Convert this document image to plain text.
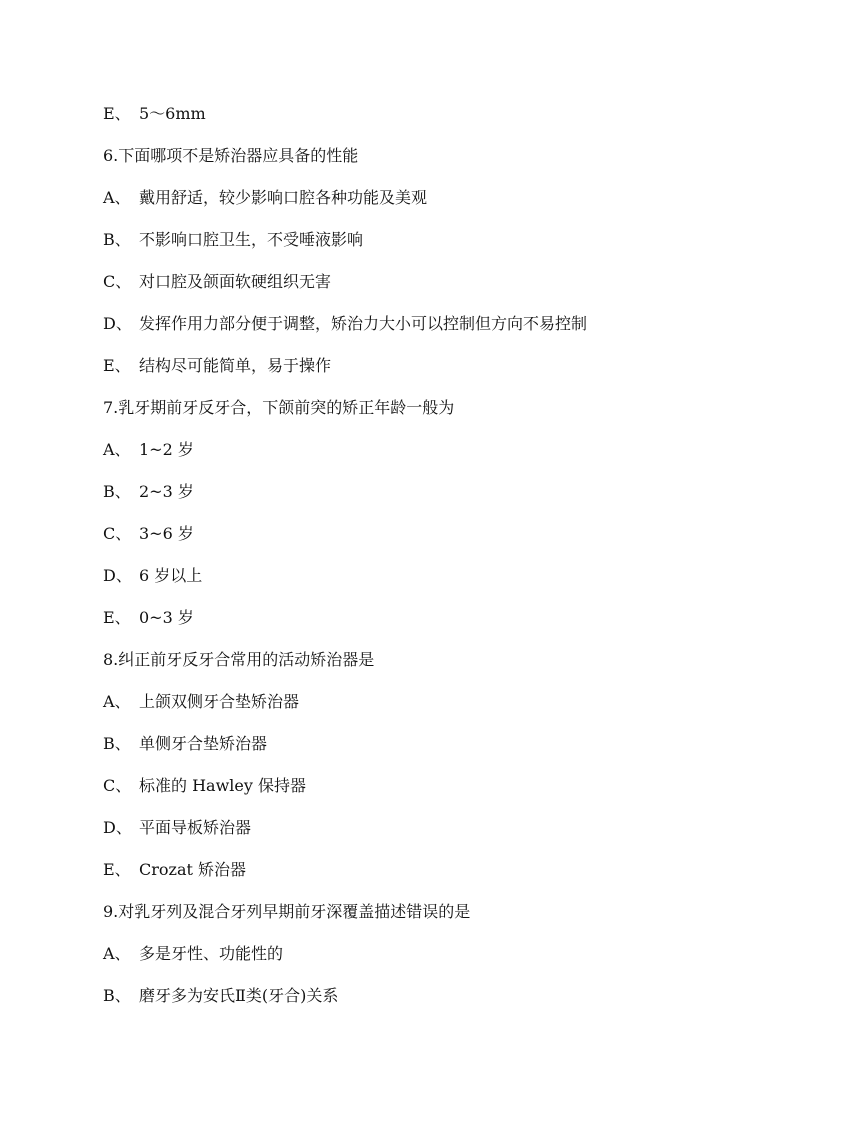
E、 5～6mm
6.下面哪项不是矫治器应具备的性能
A、 戴用舒适，较少影响口腔各种功能及美观
B、 不影响口腔卫生，不受唾液影响
C、 对口腔及颌面软硬组织无害
D、 发挥作用力部分便于调整，矫治力大小可以控制但方向不易控制
E、 结构尽可能简单，易于操作
7.乳牙期前牙反牙合，下颌前突的矫正年龄一般为
A、 1~2 岁
B、 2~3 岁
C、 3~6 岁
D、 6 岁以上
E、 0~3 岁
8.纠正前牙反牙合常用的活动矫治器是
A、 上颌双侧牙合垫矫治器
B、 单侧牙合垫矫治器
C、 标准的 Hawley 保持器
D、 平面导板矫治器
E、 Crozat 矫治器
9.对乳牙列及混合牙列早期前牙深覆盖描述错误的是
A、 多是牙性、功能性的
B、 磨牙多为安氏Ⅱ类(牙合)关系
